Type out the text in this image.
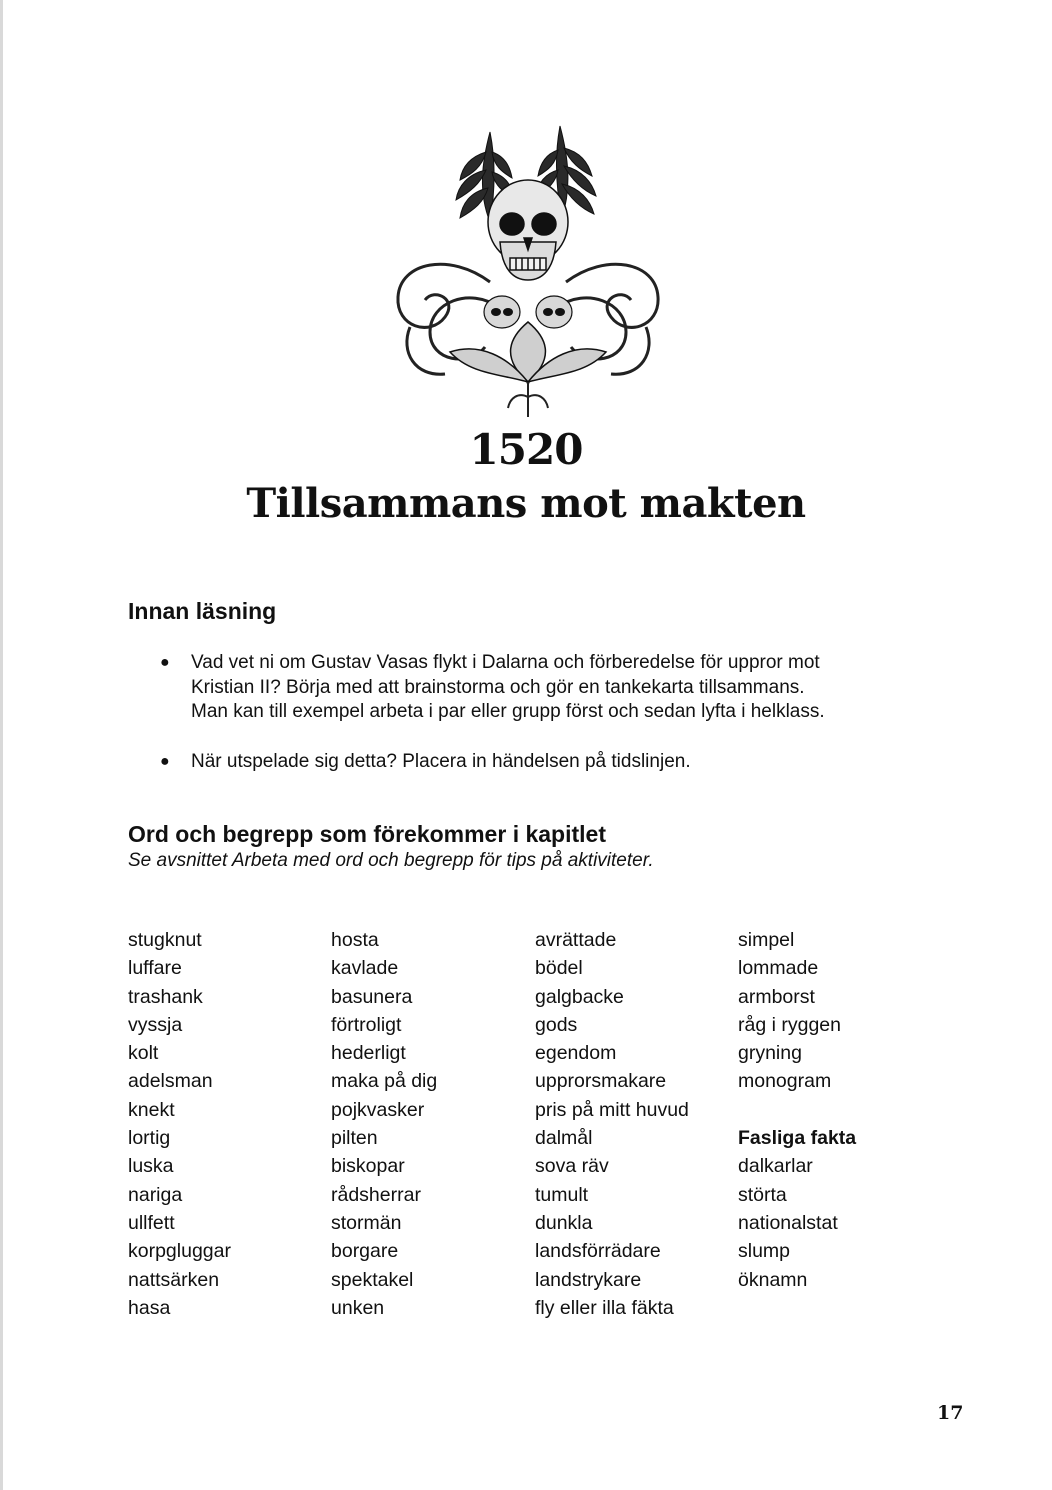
1520
Tillsammans mot makten
Innan läsning
● Vad vet ni om Gustav Vasas flykt i Dalarna och förberedelse för uppror mot
Kristian II? Börja med att brainstorma och gör en tankekarta tillsammans.
Man kan till exempel arbeta i par eller grupp först och sedan lyfta i helklass.
● När utspelade sig detta? Placera in händelsen på tidslinjen.
Ord och begrepp som förekommer i kapitlet
Se avsnittet Arbeta med ord och begrepp för tips på aktiviteter.
stugknut
luffare
trashank
vyssja
kolt
adelsman
knekt
lortig
luska
nariga
ullfett
korpgluggar
nattsärken
hasa
hosta
kavlade
basunera
förtroligt
hederligt
maka på dig
pojkvasker
pilten
biskopar
rådsherrar
stormän
borgare
spektakel
unken
avrättade
bödel
galgbacke
gods
egendom
upprorsmakare
pris på mitt huvud
dalmål
sova räv
tumult
dunkla
landsförrädare
landstrykare
fly eller illa fäkta
simpel
lommade
armborst
råg i ryggen
gryning
monogram
Fasliga fakta
dalkarlar
störta
nationalstat
slump
öknamn
17
